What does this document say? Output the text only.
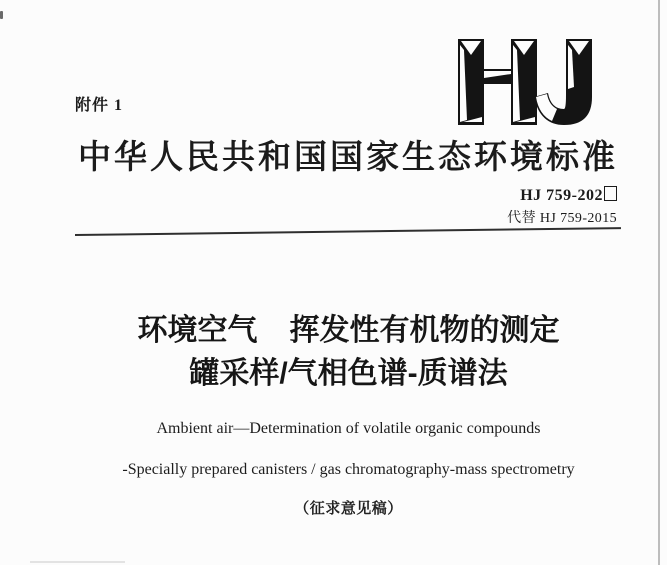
附件 1
中华人民共和国国家生态环境标准
HJ 759-202
代替 HJ 759-2015
环境空气 挥发性有机物的测定
罐采样/气相色谱-质谱法
Ambient air—Determination of volatile organic compounds
-Specially prepared canisters / gas chromatography-mass spectrometry
（征求意见稿）
